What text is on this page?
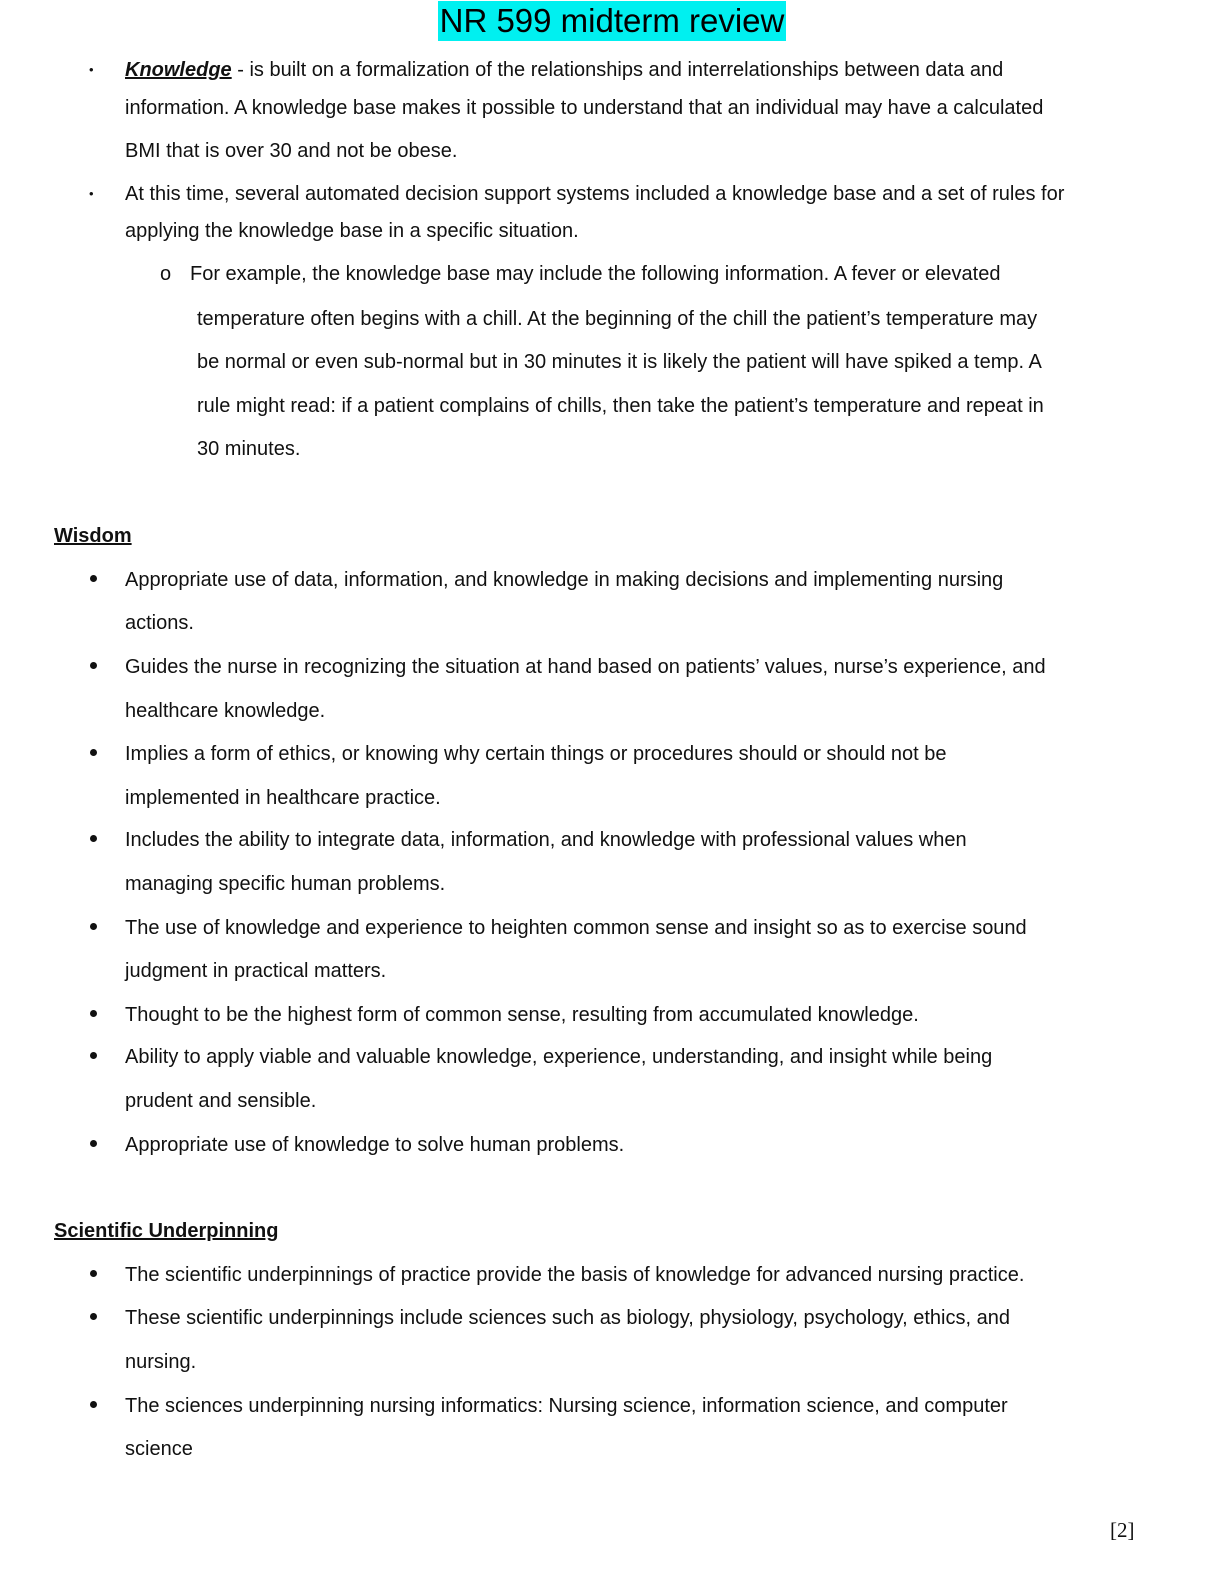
NR 599 midterm review
• Knowledge - is built on a formalization of the relationships and interrelationships between data and
information. A knowledge base makes it possible to understand that an individual may have a calculated
BMI that is over 30 and not be obese.
• At this time, several automated decision support systems included a knowledge base and a set of rules for
applying the knowledge base in a specific situation.
o For example, the knowledge base may include the following information. A fever or elevated
temperature often begins with a chill. At the beginning of the chill the patient’s temperature may
be normal or even sub-normal but in 30 minutes it is likely the patient will have spiked a temp. A
rule might read: if a patient complains of chills, then take the patient’s temperature and repeat in
30 minutes.
Wisdom
Appropriate use of data, information, and knowledge in making decisions and implementing nursing
actions.
Guides the nurse in recognizing the situation at hand based on patients’ values, nurse’s experience, and
healthcare knowledge.
Implies a form of ethics, or knowing why certain things or procedures should or should not be
implemented in healthcare practice.
Includes the ability to integrate data, information, and knowledge with professional values when
managing specific human problems.
The use of knowledge and experience to heighten common sense and insight so as to exercise sound
judgment in practical matters.
Thought to be the highest form of common sense, resulting from accumulated knowledge.
Ability to apply viable and valuable knowledge, experience, understanding, and insight while being
prudent and sensible.
Appropriate use of knowledge to solve human problems.
Scientific Underpinning
The scientific underpinnings of practice provide the basis of knowledge for advanced nursing practice.
These scientific underpinnings include sciences such as biology, physiology, psychology, ethics, and
nursing.
The sciences underpinning nursing informatics: Nursing science, information science, and computer
science
[2]
